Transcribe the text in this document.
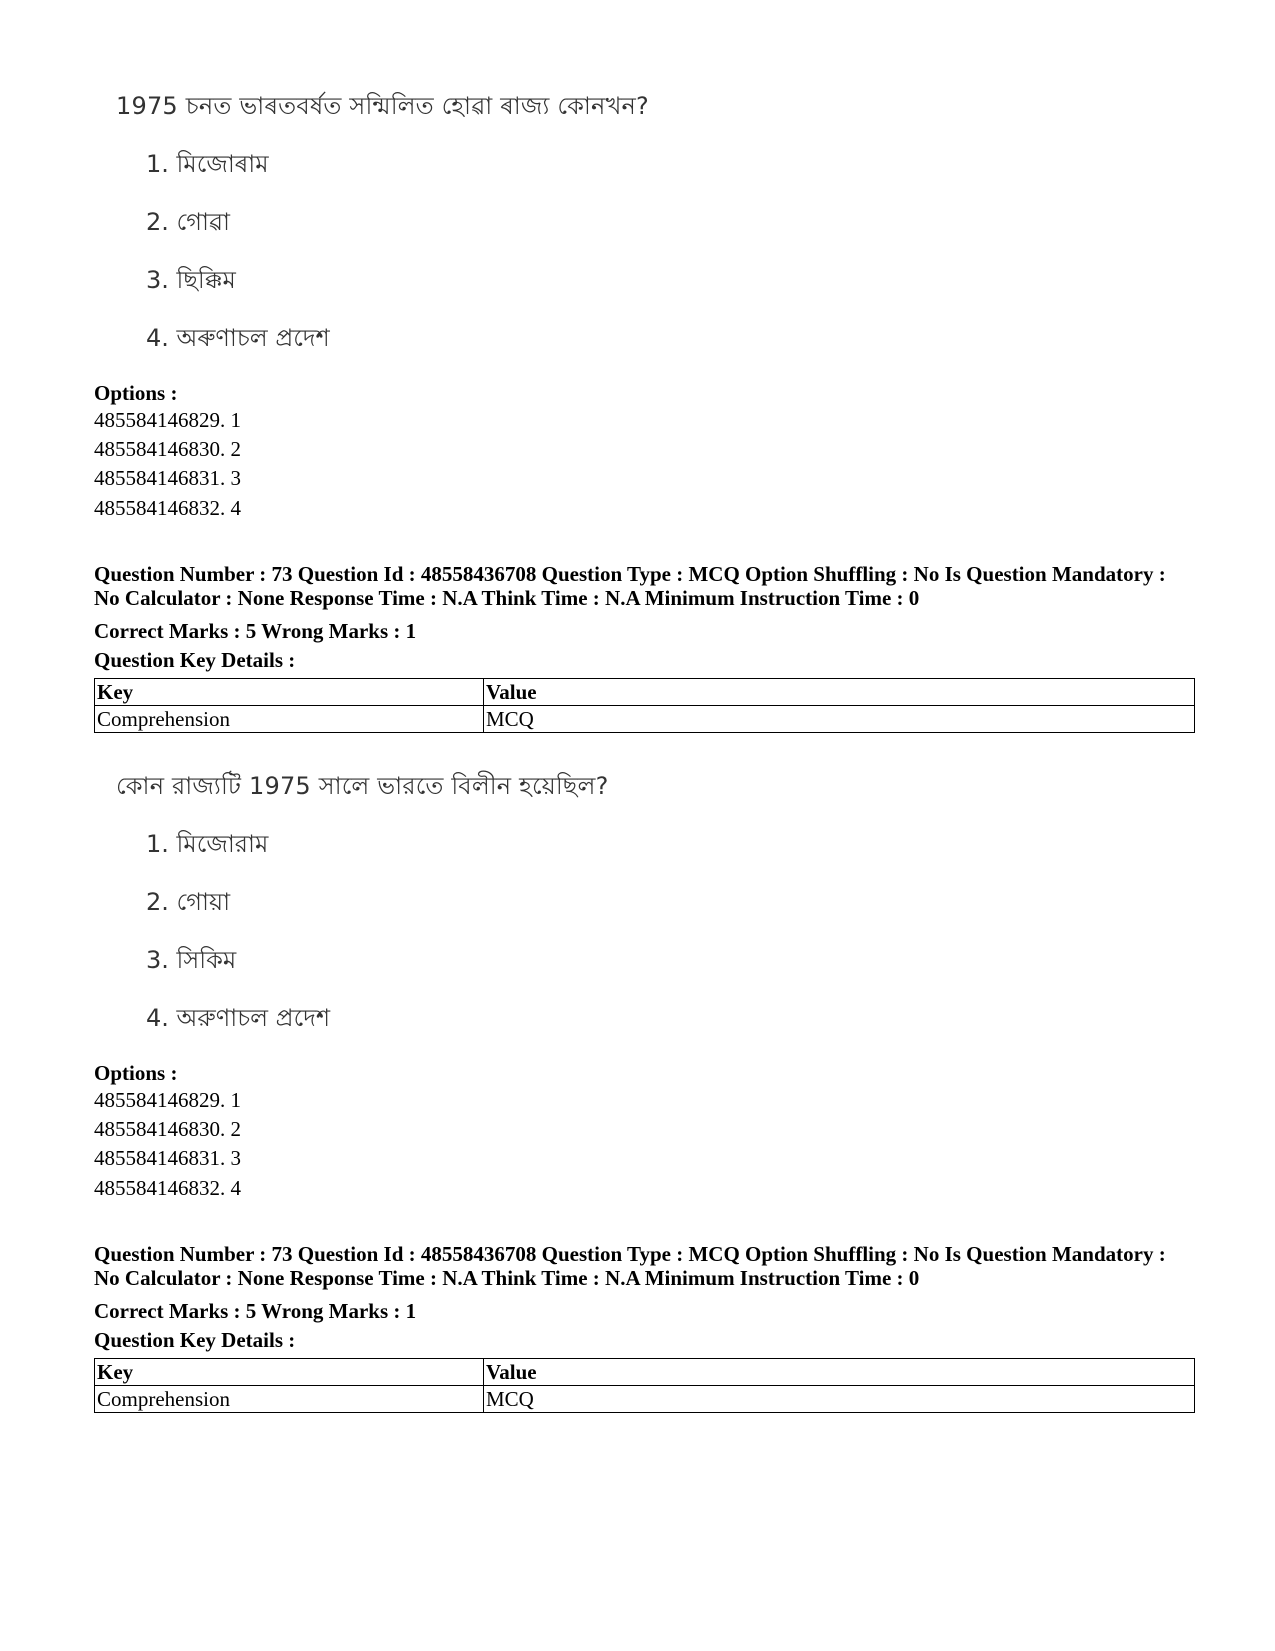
1975 চনত ভাৰতবৰ্ষত সন্মিলিত হোৱা ৰাজ্য কোনখন?
1. মিজোৰাম
2. গোৱা
3. ছিক্কিম
4. অৰুণাচল প্ৰদেশ
Options :
485584146829. 1
485584146830. 2
485584146831. 3
485584146832. 4
Question Number : 73 Question Id : 48558436708 Question Type : MCQ Option Shuffling : No Is Question Mandatory :
No Calculator : None Response Time : N.A Think Time : N.A Minimum Instruction Time : 0
Correct Marks : 5 Wrong Marks : 1
Question Key Details :
Key	Value
Comprehension	MCQ
কোন রাজ্যটি 1975 সালে ভারতে বিলীন হয়েছিল?
1. মিজোরাম
2. গোয়া
3. সিকিম
4. অরুণাচল প্রদেশ
Options :
485584146829. 1
485584146830. 2
485584146831. 3
485584146832. 4
Question Number : 73 Question Id : 48558436708 Question Type : MCQ Option Shuffling : No Is Question Mandatory :
No Calculator : None Response Time : N.A Think Time : N.A Minimum Instruction Time : 0
Correct Marks : 5 Wrong Marks : 1
Question Key Details :
Key	Value
Comprehension	MCQ
